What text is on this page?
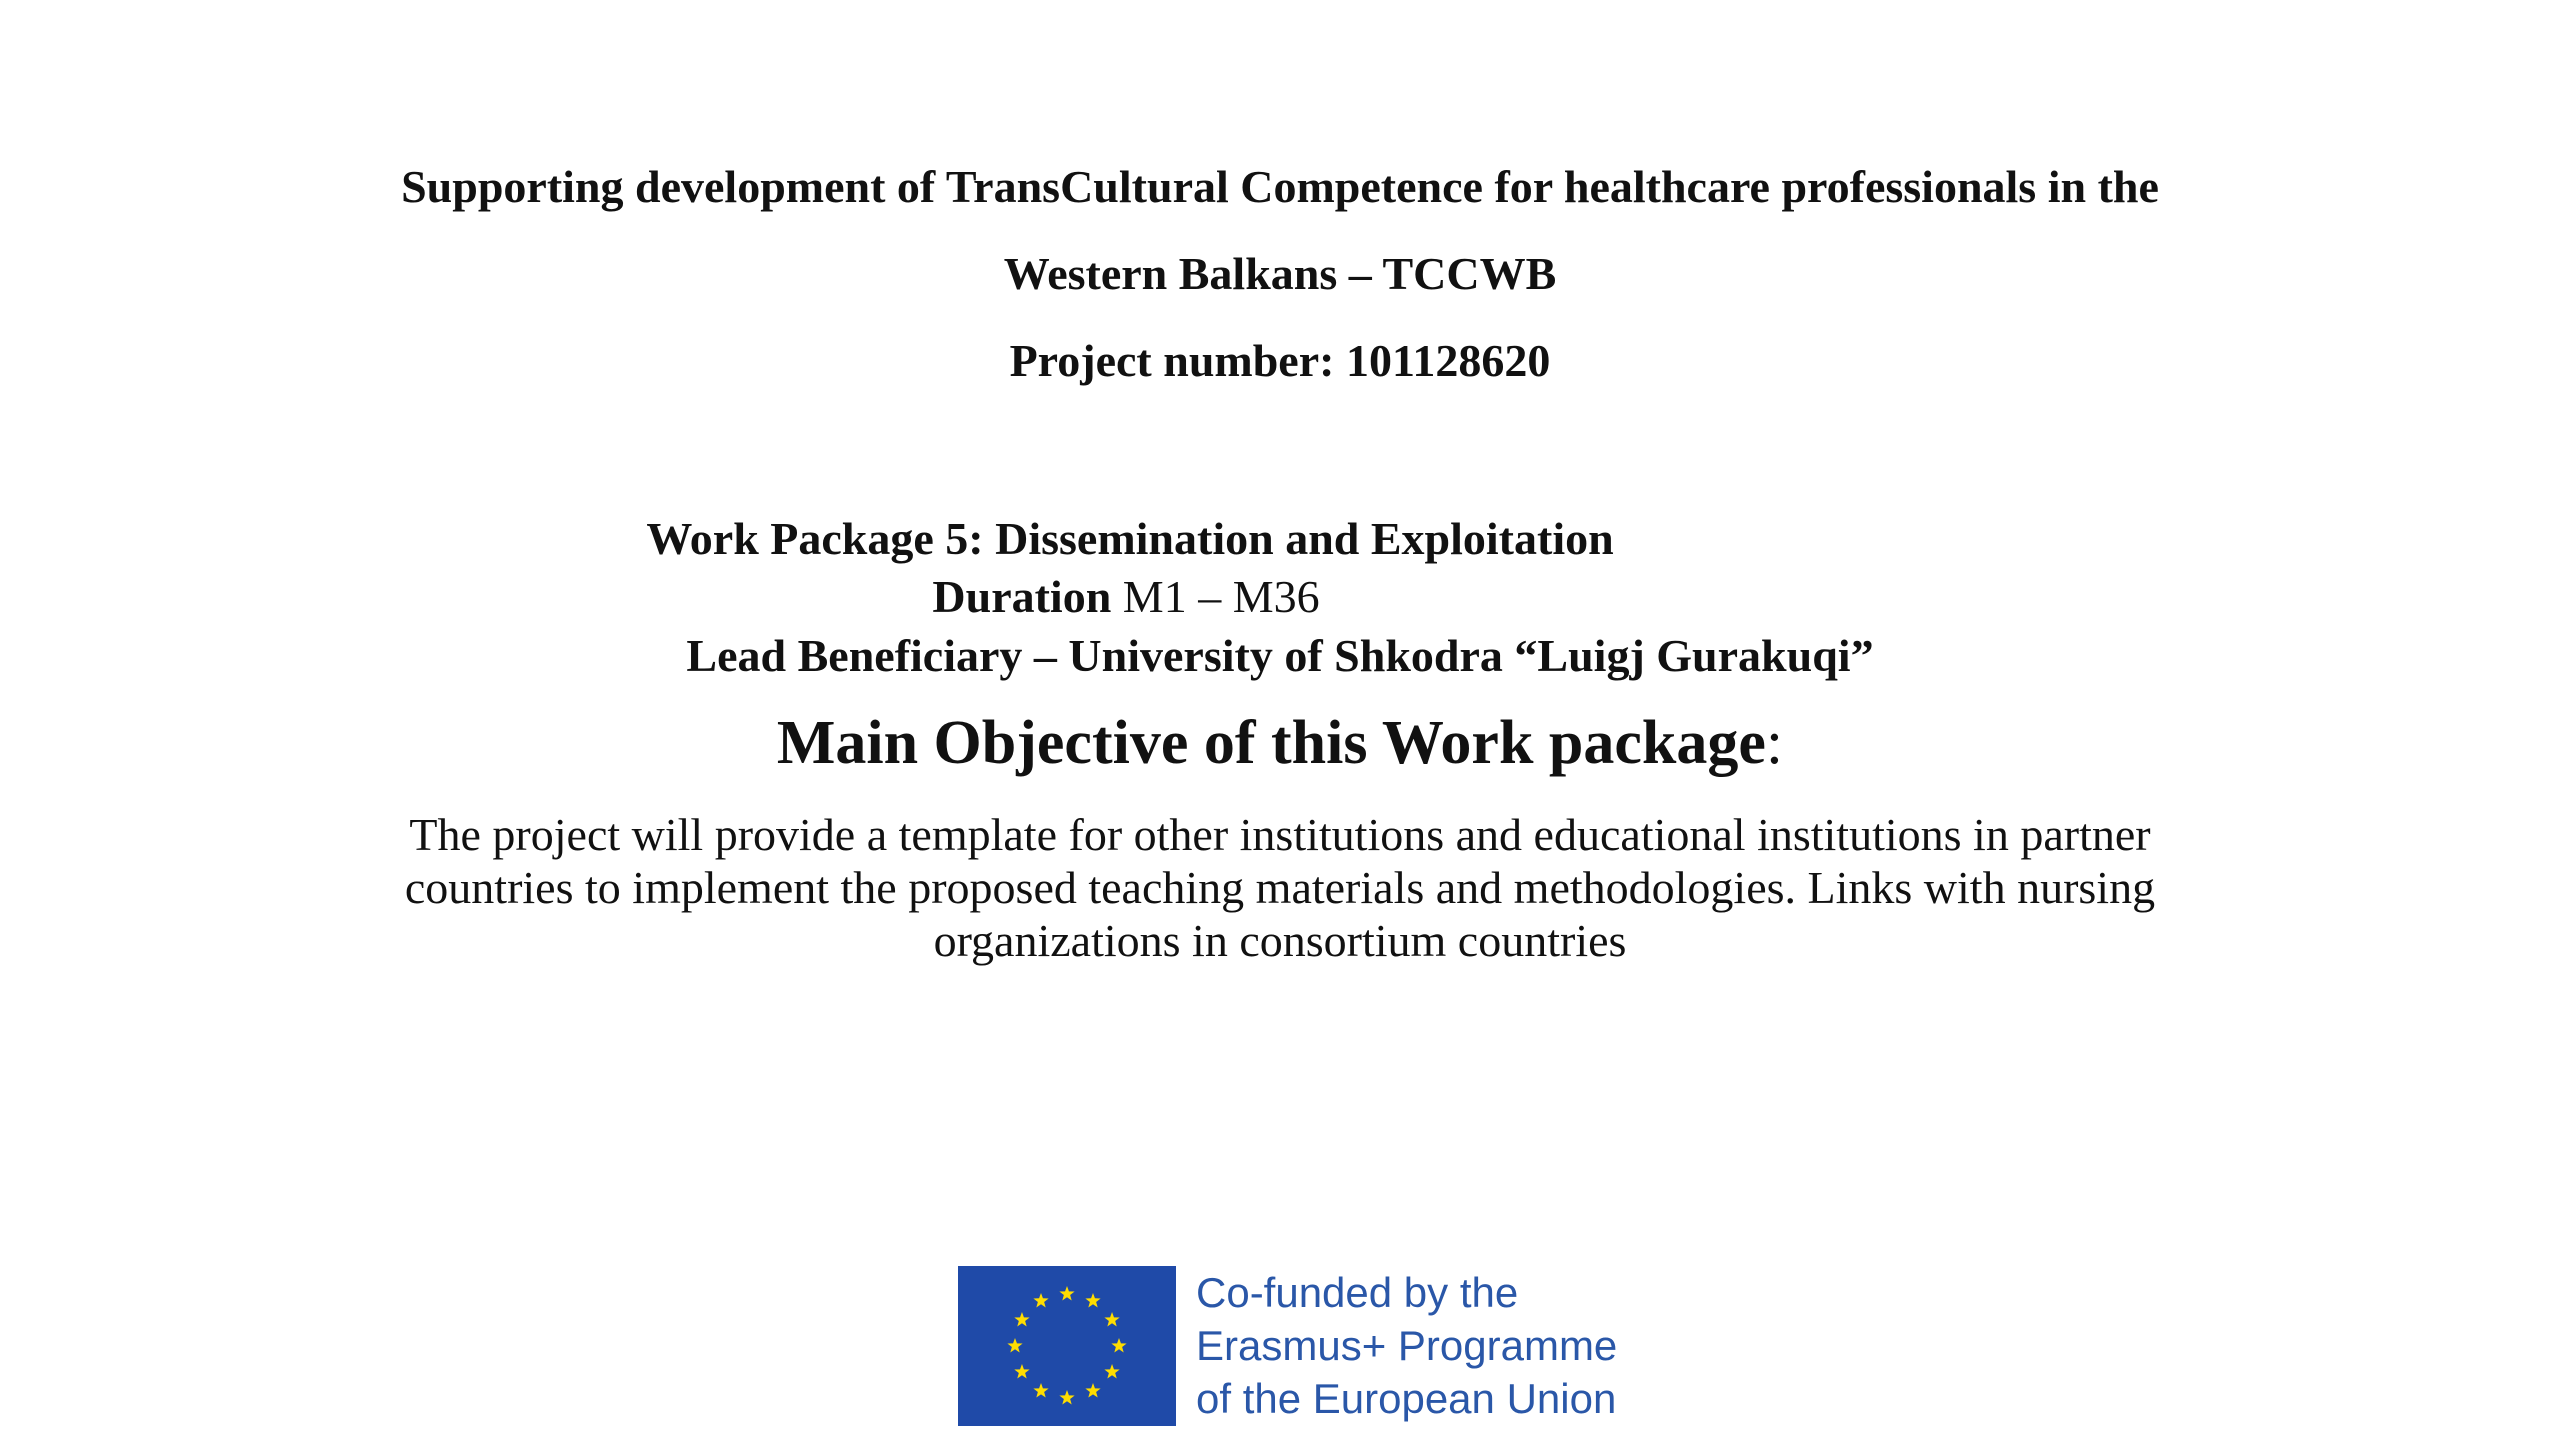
Supporting development of TransCultural Competence for healthcare professionals in the

Western Balkans – TCCWB

Project number: 101128620

Work Package 5: Dissemination and Exploitation

Duration M1 – M36

Lead Beneficiary – University of Shkodra “Luigj Gurakuqi”

Main Objective of this Work package:

The project will provide a template for other institutions and educational institutions in partner countries to implement the proposed teaching materials and methodologies. Links with nursing organizations in consortium countries

Co-funded by the
Erasmus+ Programme
of the European Union
